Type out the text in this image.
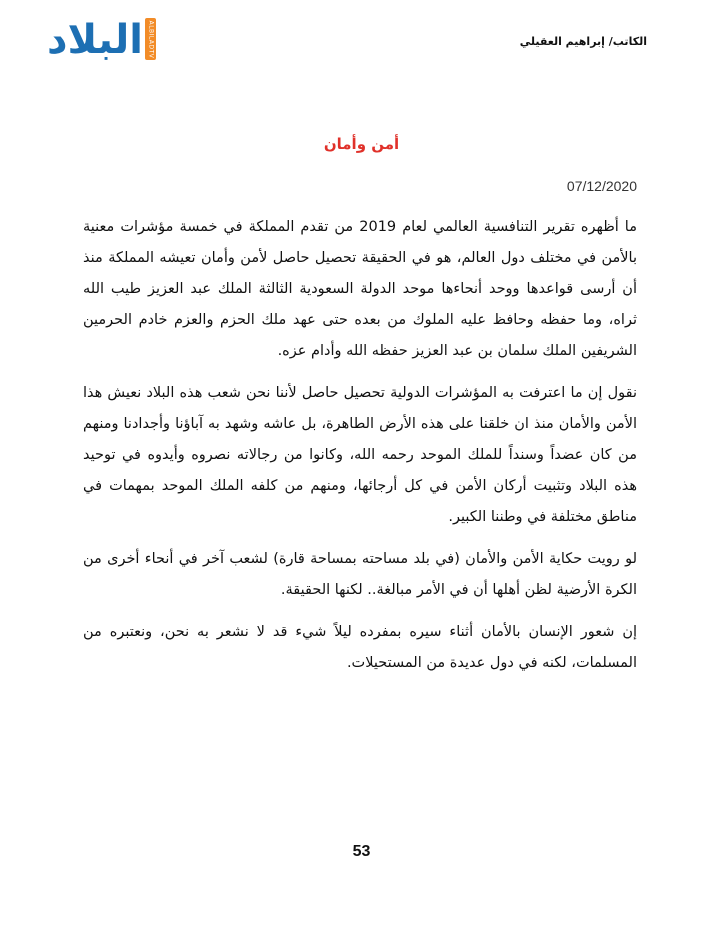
البلاد ALBILADTV	الكاتب/ إبراهيم العقيلي
أمن وأمان
07/12/2020

ما أظهره تقرير التنافسية العالمي لعام 2019 من تقدم المملكة في خمسة مؤشرات معنية بالأمن في مختلف دول العالم، هو في الحقيقة تحصيل حاصل لأمن وأمان تعيشه المملكة منذ أن أرسى قواعدها ووحد أنحاءها موحد الدولة السعودية الثالثة الملك عبد العزيز طيب الله ثراه، وما حفظه وحافظ عليه الملوك من بعده حتى عهد ملك الحزم والعزم خادم الحرمين الشريفين الملك سلمان بن عبد العزيز حفظه الله وأدام عزه.

نقول إن ما اعترفت به المؤشرات الدولية تحصيل حاصل لأننا نحن شعب هذه البلاد نعيش هذا الأمن والأمان منذ ان خلقنا على هذه الأرض الطاهرة، بل عاشه وشهد به آباؤنا وأجدادنا ومنهم من كان عضداً وسنداً للملك الموحد رحمه الله، وكانوا من رجالاته نصروه وأيدوه في توحيد هذه البلاد وتثبيت أركان الأمن في كل أرجائها، ومنهم من كلفه الملك الموحد بمهمات في مناطق مختلفة في وطننا الكبير.

لو رويت حكاية الأمن والأمان (في بلد مساحته بمساحة قارة) لشعب آخر في أنحاء أخرى من الكرة الأرضية لظن أهلها أن في الأمر مبالغة.. لكنها الحقيقة.

إن شعور الإنسان بالأمان أثناء سيره بمفرده ليلاً شيء قد لا نشعر به نحن، ونعتبره من المسلمات، لكنه في دول عديدة من المستحيلات.

53
